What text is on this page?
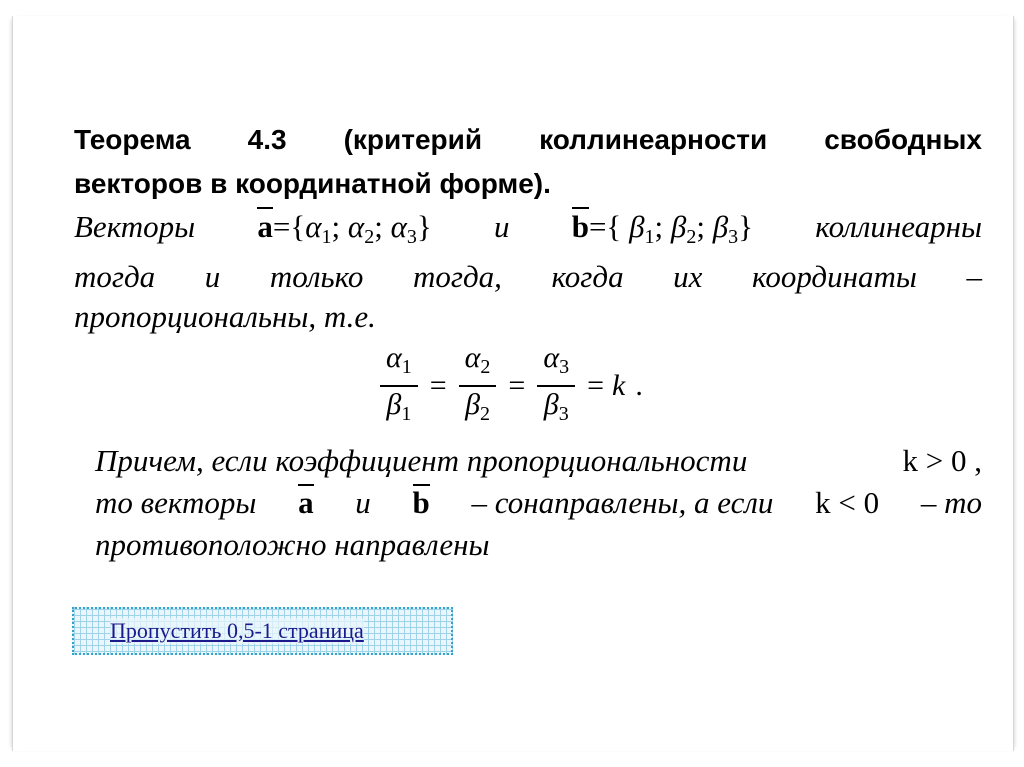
Теорема 4.3 (критерий коллинеарности свободных
векторов в координатной форме).
Векторы $a=\{\alpha_1$; $\alpha_2$; $\alpha_3$} и b={ $\beta_1$; $\beta_2$; $\beta_3$} коллинеарны
тогда и только тогда, когда их координаты –
пропорциональны, т.е.
$\frac{\alpha_1}{\beta_1} = \frac{\alpha_2}{\beta_2} = \frac{\alpha_3}{\beta_3} = k$ .
Причем, если коэффициент пропорциональности	k > 0 ,
то векторы a и b – сонаправлены, а если k < 0 – то
противоположно направлены
Пропустить 0,5-1 страница
